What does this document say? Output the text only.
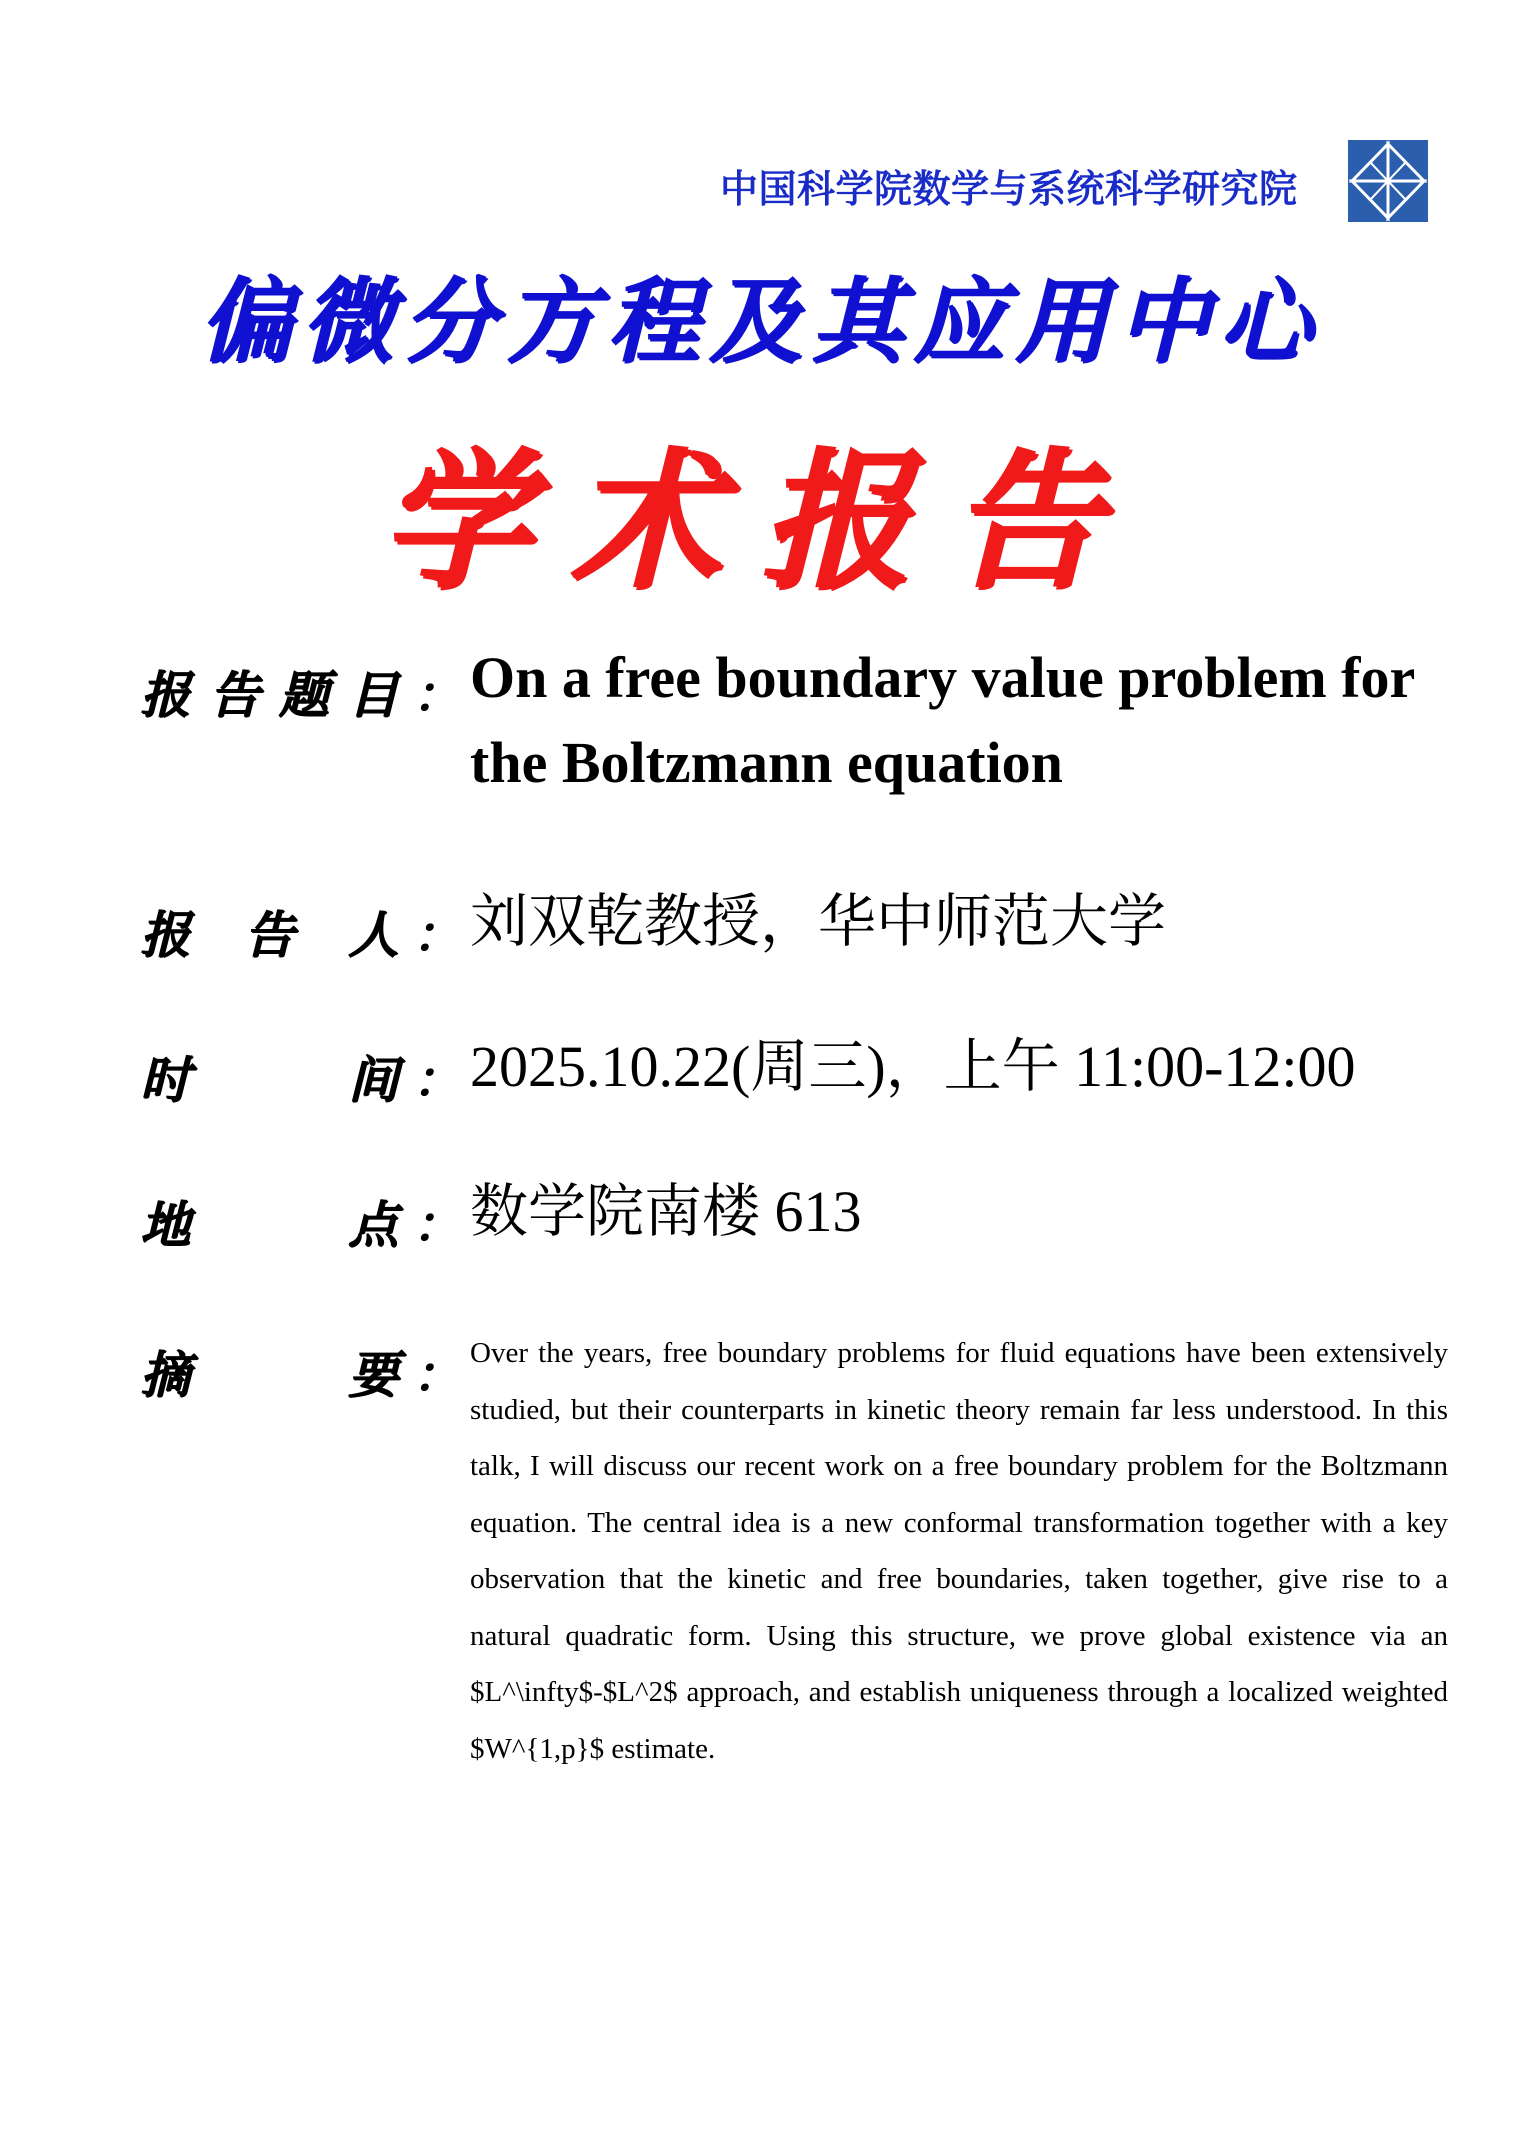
中国科学院数学与系统科学研究院
偏微分方程及其应用中心
学术报告
报 告 题 目 ： On a free boundary value problem for the Boltzmann equation
报 告 人 ： 刘双乾教授，华中师范大学
时	间 ： 2025.10.22(周三)，上午 11:00-12:00
地	点 ： 数学院南楼 613
摘	要 ： Over the years, free boundary problems for fluid equations have been extensively studied, but their counterparts in kinetic theory remain far less understood. In this talk, I will discuss our recent work on a free boundary problem for the Boltzmann equation. The central idea is a new conformal transformation together with a key observation that the kinetic and free boundaries, taken together, give rise to a natural quadratic form. Using this structure, we prove global existence via an $L^\infty$-$L^2$ approach, and establish uniqueness through a localized weighted $W^{1,p}$ estimate.
